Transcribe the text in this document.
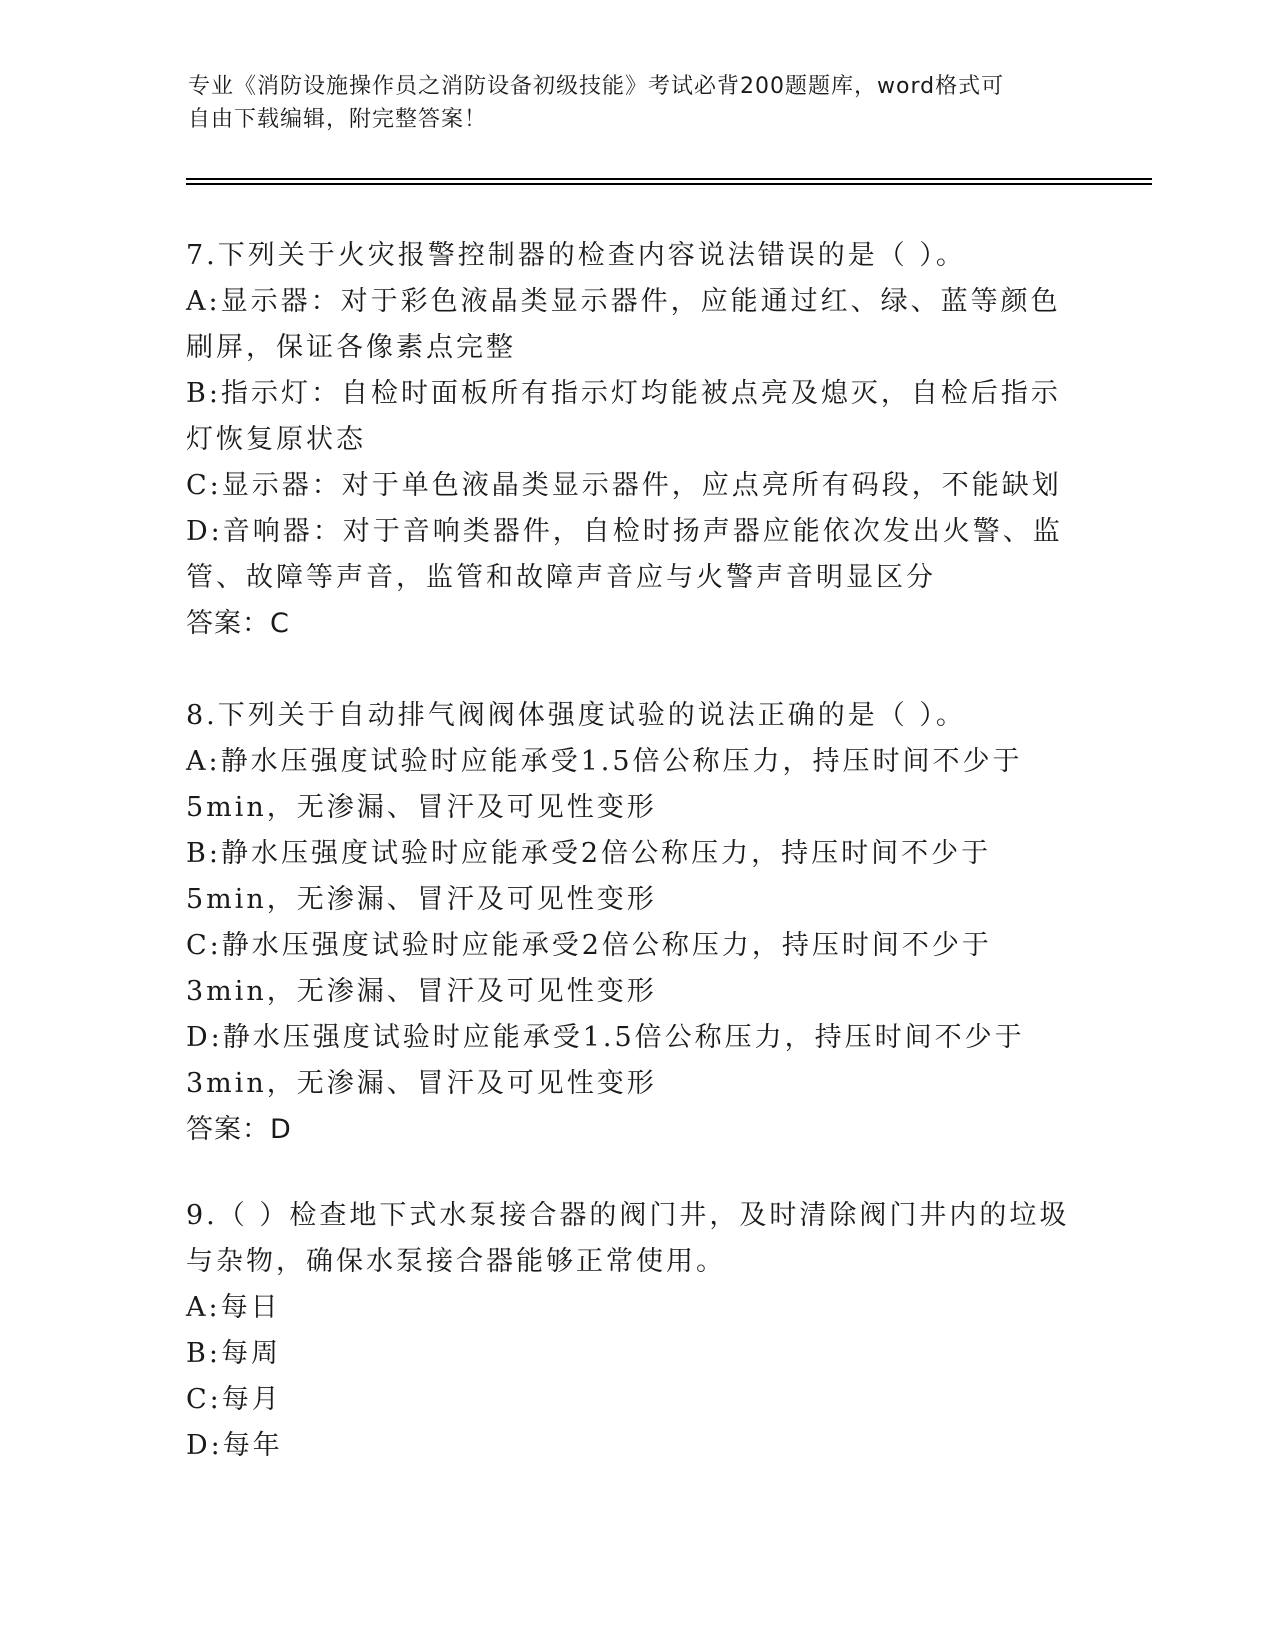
专业《消防设施操作员之消防设备初级技能》考试必背200题题库，word格式可
自由下载编辑，附完整答案！

7.下列关于火灾报警控制器的检查内容说法错误的是（ ）。

A:显示器：对于彩色液晶类显示器件，应能通过红、绿、蓝等颜色刷屏，保证各像素点完整

B:指示灯：自检时面板所有指示灯均能被点亮及熄灭，自检后指示灯恢复原状态

C:显示器：对于单色液晶类显示器件，应点亮所有码段，不能缺划

D:音响器：对于音响类器件，自检时扬声器应能依次发出火警、监管、故障等声音，监管和故障声音应与火警声音明显区分

答案：C

8.下列关于自动排气阀阀体强度试验的说法正确的是（ ）。

A:静水压强度试验时应能承受1.5倍公称压力，持压时间不少于5min，无渗漏、冒汗及可见性变形

B:静水压强度试验时应能承受2倍公称压力，持压时间不少于5min，无渗漏、冒汗及可见性变形

C:静水压强度试验时应能承受2倍公称压力，持压时间不少于3min，无渗漏、冒汗及可见性变形

D:静水压强度试验时应能承受1.5倍公称压力，持压时间不少于3min，无渗漏、冒汗及可见性变形

答案：D

9.（ ）检查地下式水泵接合器的阀门井，及时清除阀门井内的垃圾与杂物，确保水泵接合器能够正常使用。

A:每日

B:每周

C:每月

D:每年
